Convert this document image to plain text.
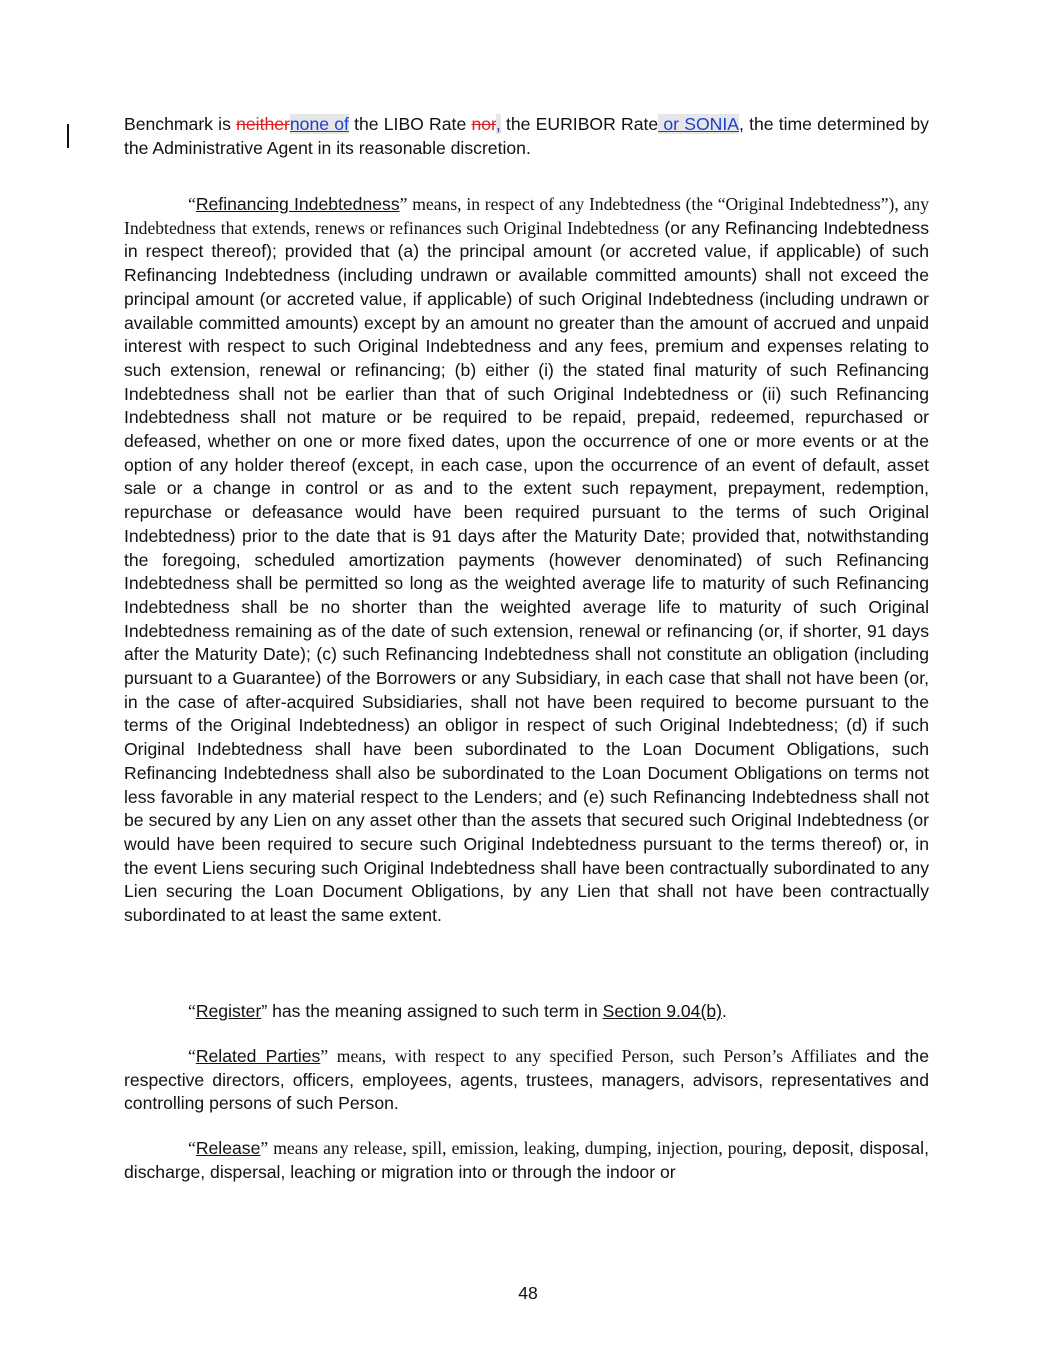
Benchmark is neithernone of the LIBO Rate nor, the EURIBOR Rate or SONIA, the time determined by the Administrative Agent in its reasonable discretion.

“Refinancing Indebtedness” means, in respect of any Indebtedness (the “Original Indebtedness”), any Indebtedness that extends, renews or refinances such Original Indebtedness (or any Refinancing Indebtedness in respect thereof); provided that (a) the principal amount (or accreted value, if applicable) of such Refinancing Indebtedness (including undrawn or available committed amounts) shall not exceed the principal amount (or accreted value, if applicable) of such Original Indebtedness (including undrawn or available committed amounts) except by an amount no greater than the amount of accrued and unpaid interest with respect to such Original Indebtedness and any fees, premium and expenses relating to such extension, renewal or refinancing; (b) either (i) the stated final maturity of such Refinancing Indebtedness shall not be earlier than that of such Original Indebtedness or (ii) such Refinancing Indebtedness shall not mature or be required to be repaid, prepaid, redeemed, repurchased or defeased, whether on one or more fixed dates, upon the occurrence of one or more events or at the option of any holder thereof (except, in each case, upon the occurrence of an event of default, asset sale or a change in control or as and to the extent such repayment, prepayment, redemption, repurchase or defeasance would have been required pursuant to the terms of such Original Indebtedness) prior to the date that is 91 days after the Maturity Date; provided that, notwithstanding the foregoing, scheduled amortization payments (however denominated) of such Refinancing Indebtedness shall be permitted so long as the weighted average life to maturity of such Refinancing Indebtedness shall be no shorter than the weighted average life to maturity of such Original Indebtedness remaining as of the date of such extension, renewal or refinancing (or, if shorter, 91 days after the Maturity Date); (c) such Refinancing Indebtedness shall not constitute an obligation (including pursuant to a Guarantee) of the Borrowers or any Subsidiary, in each case that shall not have been (or, in the case of after-acquired Subsidiaries, shall not have been required to become pursuant to the terms of the Original Indebtedness) an obligor in respect of such Original Indebtedness; (d) if such Original Indebtedness shall have been subordinated to the Loan Document Obligations, such Refinancing Indebtedness shall also be subordinated to the Loan Document Obligations on terms not less favorable in any material respect to the Lenders; and (e) such Refinancing Indebtedness shall not be secured by any Lien on any asset other than the assets that secured such Original Indebtedness (or would have been required to secure such Original Indebtedness pursuant to the terms thereof) or, in the event Liens securing such Original Indebtedness shall have been contractually subordinated to any Lien securing the Loan Document Obligations, by any Lien that shall not have been contractually subordinated to at least the same extent.

“Register” has the meaning assigned to such term in Section 9.04(b).

“Related Parties” means, with respect to any specified Person, such Person’s Affiliates and the respective directors, officers, employees, agents, trustees, managers, advisors, representatives and controlling persons of such Person.

“Release” means any release, spill, emission, leaking, dumping, injection, pouring, deposit, disposal, discharge, dispersal, leaching or migration into or through the indoor or

48
